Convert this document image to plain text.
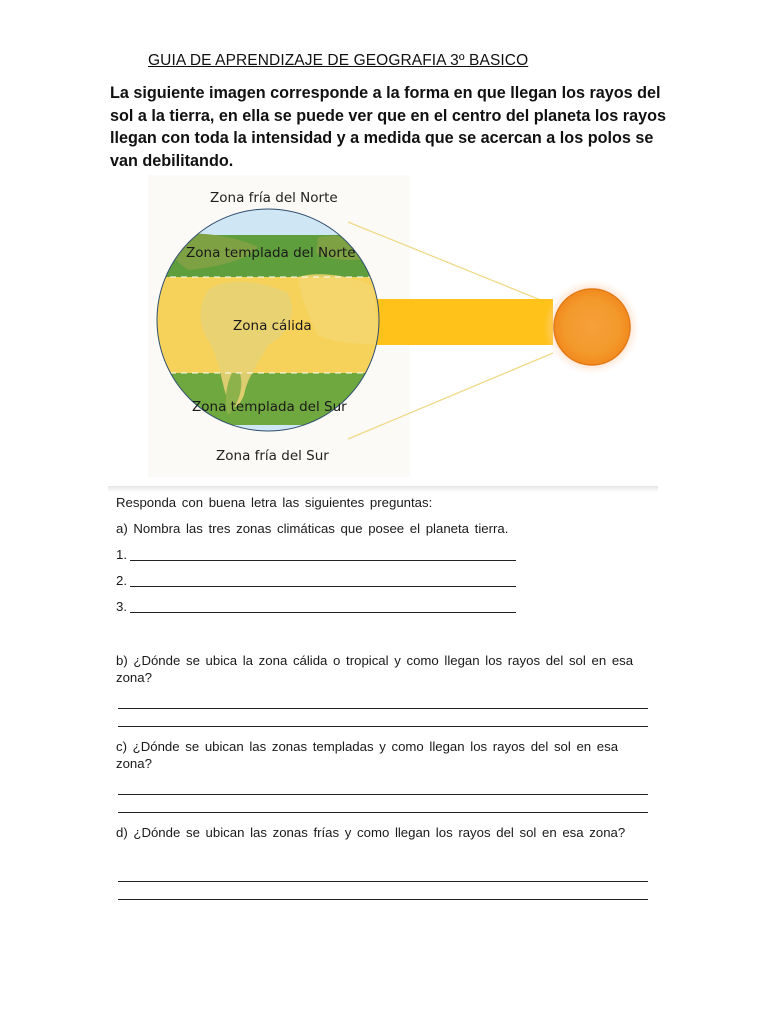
GUIA DE APRENDIZAJE DE GEOGRAFIA 3º BASICO
La siguiente imagen corresponde a la forma en que llegan los rayos del sol a la tierra, en ella se puede ver que en el centro del planeta los rayos llegan con toda la intensidad y a medida que se acercan a los polos se van debilitando.
Zona fría del Norte
Zona templada del Norte
Zona cálida
Zona templada del Sur
Zona fría del Sur
Responda con buena letra las siguientes preguntas:
a) Nombra las tres zonas climáticas que posee el planeta tierra.
1.
2.
3.
b) ¿Dónde se ubica la zona cálida o tropical y como llegan los rayos del sol en esa zona?
c) ¿Dónde se ubican las zonas templadas y como llegan los rayos del sol en esa zona?
d) ¿Dónde se ubican las zonas frías y como llegan los rayos del sol en esa zona?
